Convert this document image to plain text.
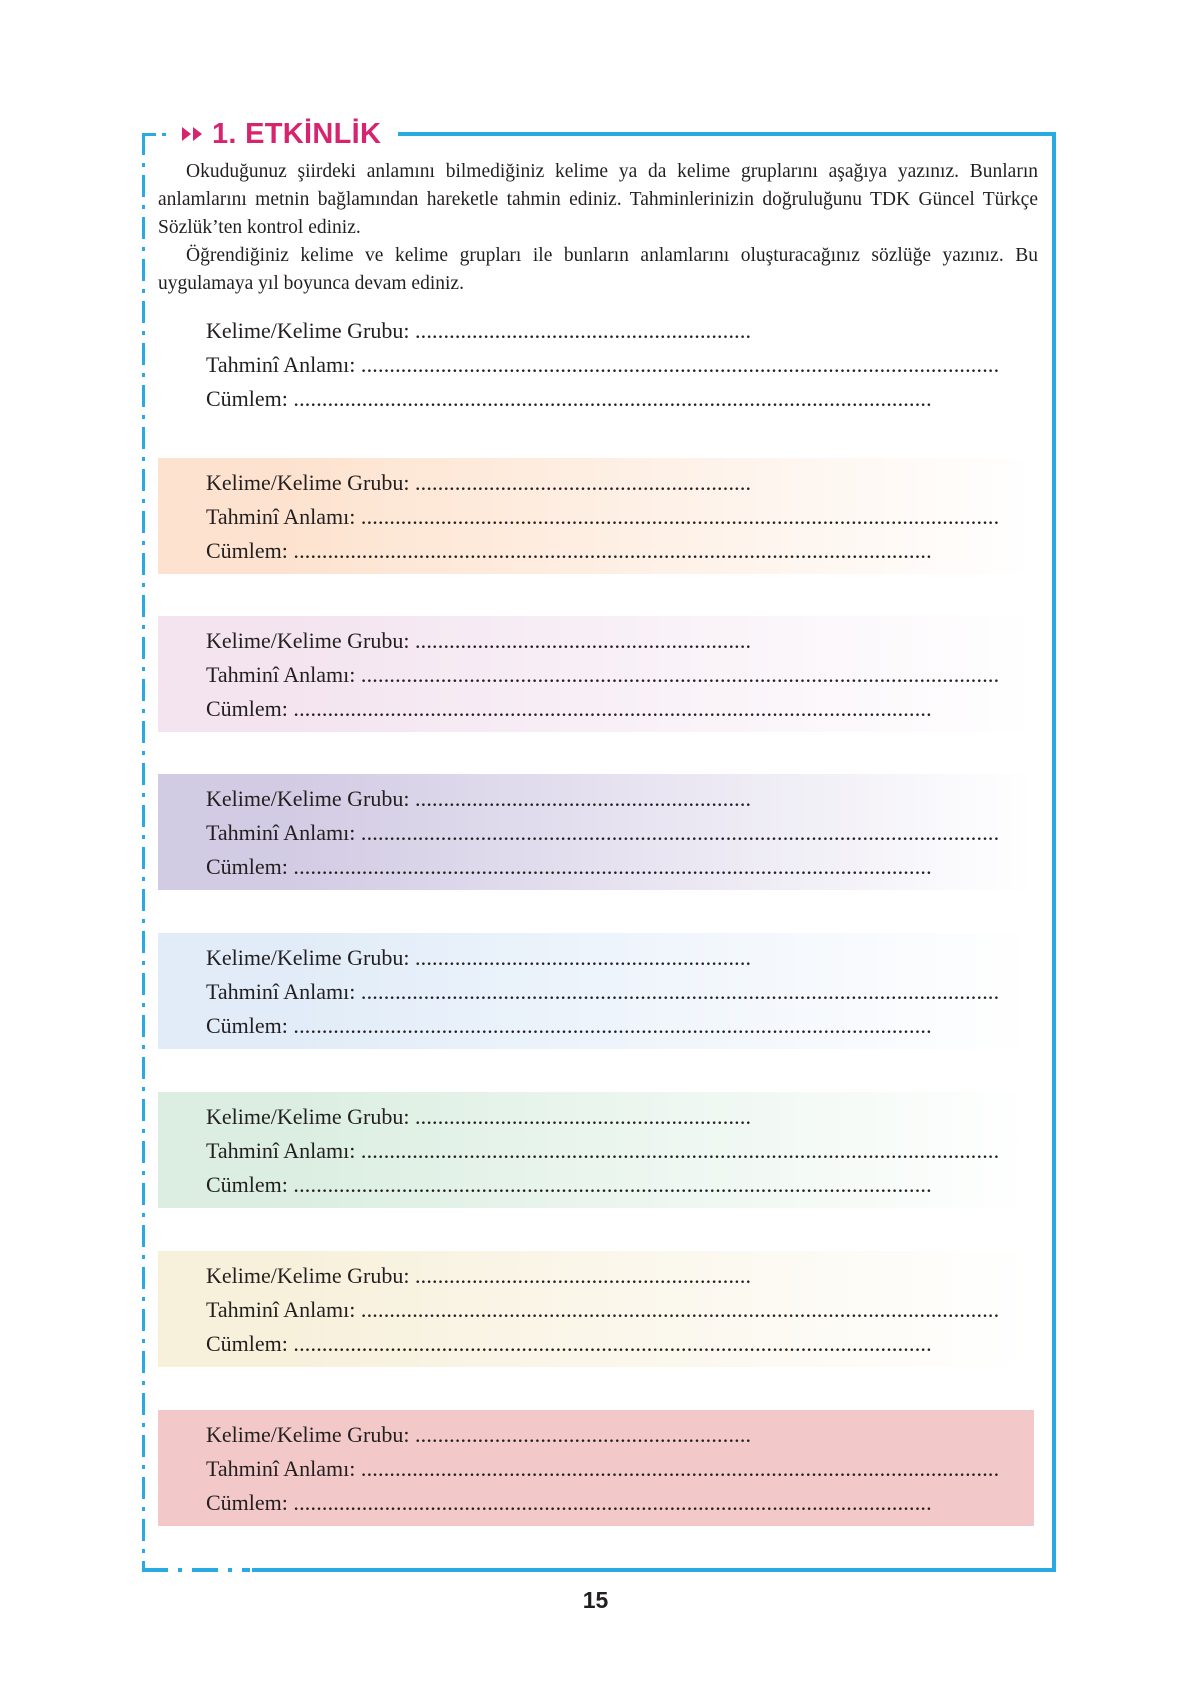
1. ETKİNLİK

Okuduğunuz şiirdeki anlamını bilmediğiniz kelime ya da kelime gruplarını aşağıya yazınız. Bunların anlamlarını metnin bağlamından hareketle tahmin ediniz. Tahminlerinizin doğruluğunu TDK Güncel Türkçe Sözlük’ten kontrol ediniz.

Öğrendiğiniz kelime ve kelime grupları ile bunların anlamlarını oluşturacağınız sözlüğe yazınız. Bu uygulamaya yıl boyunca devam ediniz.

Kelime/Kelime Grubu: ...........................................................
Tahminî Anlamı: ................................................................................................................
Cümlem: ................................................................................................................
Kelime/Kelime Grubu: ...........................................................
Tahminî Anlamı: ................................................................................................................
Cümlem: ................................................................................................................
Kelime/Kelime Grubu: ...........................................................
Tahminî Anlamı: ................................................................................................................
Cümlem: ................................................................................................................
Kelime/Kelime Grubu: ...........................................................
Tahminî Anlamı: ................................................................................................................
Cümlem: ................................................................................................................
Kelime/Kelime Grubu: ...........................................................
Tahminî Anlamı: ................................................................................................................
Cümlem: ................................................................................................................
Kelime/Kelime Grubu: ...........................................................
Tahminî Anlamı: ................................................................................................................
Cümlem: ................................................................................................................
Kelime/Kelime Grubu: ...........................................................
Tahminî Anlamı: ................................................................................................................
Cümlem: ................................................................................................................
Kelime/Kelime Grubu: ...........................................................
Tahminî Anlamı: ................................................................................................................
Cümlem: ................................................................................................................
15
